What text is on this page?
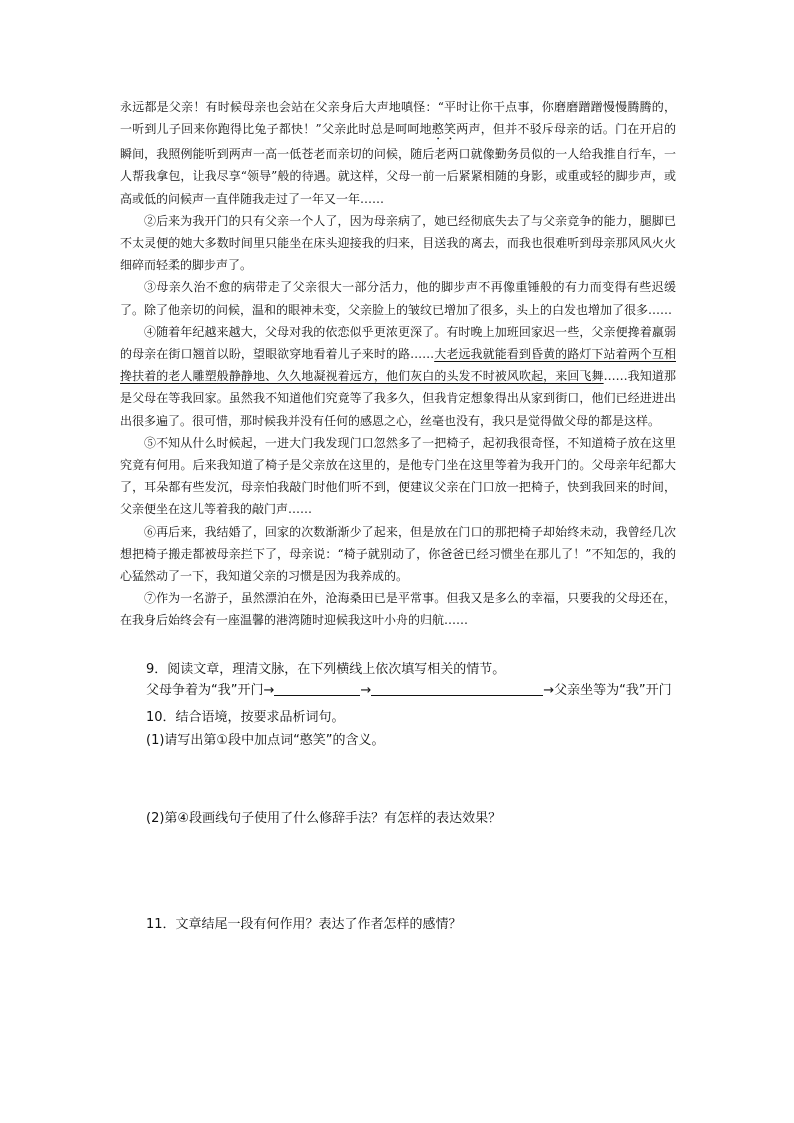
永远都是父亲！有时候母亲也会站在父亲身后大声地嗔怪：“平时让你干点事，你磨磨蹭蹭慢慢腾腾的，一听到儿子回来你跑得比兔子都快！”父亲此时总是呵呵地憨笑两声，但并不驳斥母亲的话。门在开启的瞬间，我照例能听到两声一高一低苍老而亲切的问候，随后老两口就像勤务员似的一人给我推自行车，一人帮我拿包，让我尽享“领导”般的待遇。就这样，父母一前一后紧紧相随的身影，或重或轻的脚步声，或高或低的问候声一直伴随我走过了一年又一年……

②后来为我开门的只有父亲一个人了，因为母亲病了，她已经彻底失去了与父亲竞争的能力，腿脚已不太灵便的她大多数时间里只能坐在床头迎接我的归来，目送我的离去，而我也很难听到母亲那风风火火细碎而轻柔的脚步声了。

③母亲久治不愈的病带走了父亲很大一部分活力，他的脚步声不再像重锤般的有力而变得有些迟缓了。除了他亲切的问候，温和的眼神未变，父亲脸上的皱纹已增加了很多，头上的白发也增加了很多……

④随着年纪越来越大，父母对我的依恋似乎更浓更深了。有时晚上加班回家迟一些，父亲便搀着羸弱的母亲在街口翘首以盼，望眼欲穿地看着儿子来时的路……大老远我就能看到昏黄的路灯下站着两个互相搀扶着的老人雕塑般静静地、久久地凝视着远方，他们灰白的头发不时被风吹起，来回飞舞……我知道那是父母在等我回家。虽然我不知道他们究竟等了我多久，但我肯定想象得出从家到街口，他们已经进进出出很多遍了。很可惜，那时候我并没有任何的感恩之心，丝毫也没有，我只是觉得做父母的都是这样。

⑤不知从什么时候起，一进大门我发现门口忽然多了一把椅子，起初我很奇怪，不知道椅子放在这里究竟有何用。后来我知道了椅子是父亲放在这里的，是他专门坐在这里等着为我开门的。父母亲年纪都大了，耳朵都有些发沉，母亲怕我敲门时他们听不到，便建议父亲在门口放一把椅子，快到我回来的时间，父亲便坐在这儿等着我的敲门声……

⑥再后来，我结婚了，回家的次数渐渐少了起来，但是放在门口的那把椅子却始终未动，我曾经几次想把椅子搬走都被母亲拦下了，母亲说：“椅子就别动了，你爸爸已经习惯坐在那儿了！”不知怎的，我的心猛然动了一下，我知道父亲的习惯是因为我养成的。

⑦作为一名游子，虽然漂泊在外，沧海桑田已是平常事。但我又是多么的幸福，只要我的父母还在，在我身后始终会有一座温馨的港湾随时迎候我这叶小舟的归航……

9．阅读文章，理清文脉，在下列横线上依次填写相关的情节。

父母争着为“我”开门→	→	→父亲坐等为“我”开门

10．结合语境，按要求品析词句。

(1)请写出第①段中加点词“憨笑”的含义。

(2)第④段画线句子使用了什么修辞手法？有怎样的表达效果？

11．文章结尾一段有何作用？表达了作者怎样的感情？
